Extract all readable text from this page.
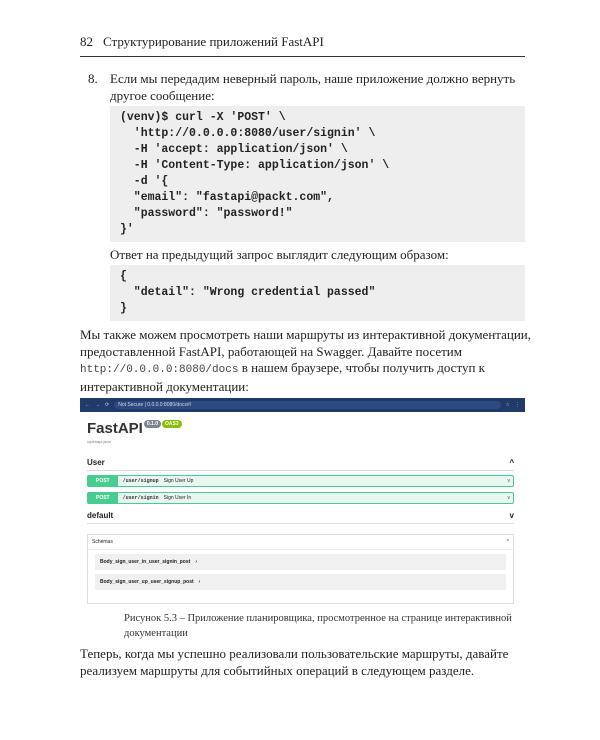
82 Структурирование приложений FastAPI
8. Если мы передадим неверный пароль, наше приложение должно вернуть другое сообщение:
(venv)$ curl -X 'POST' \
'http://0.0.0.0:8080/user/signin' \
-H 'accept: application/json' \
-H 'Content-Type: application/json' \
-d '{
"email": "fastapi@packt.com",
"password": "password!"
}'
Ответ на предыдущий запрос выглядит следующим образом:
{
"detail": "Wrong credential passed"
}
Мы также можем просмотреть наши маршруты из интерактивной документации, предоставленной FastAPI, работающей на Swagger. Давайте посетим http://0.0.0.0:8080/docs в нашем браузере, чтобы получить доступ к интерактивной документации:
← → ⟳	Not Secure | 0.0.0.0:8080/docs#/	☆ ⋮
FastAPI 0.1.0 OAS3
/openapi.json
User	^
POST	/user/signup Sign User Up	v
POST	/user/signin Sign User In	v
default	v
Schemas	^
Body_sign_user_in_user_signin_post ›
Body_sign_user_up_user_signup_post ›
Рисунок 5.3 – Приложение планировщика, просмотренное на странице интерактивной документации
Теперь, когда мы успешно реализовали пользовательские маршруты, давайте реализуем маршруты для событийных операций в следующем разделе.
